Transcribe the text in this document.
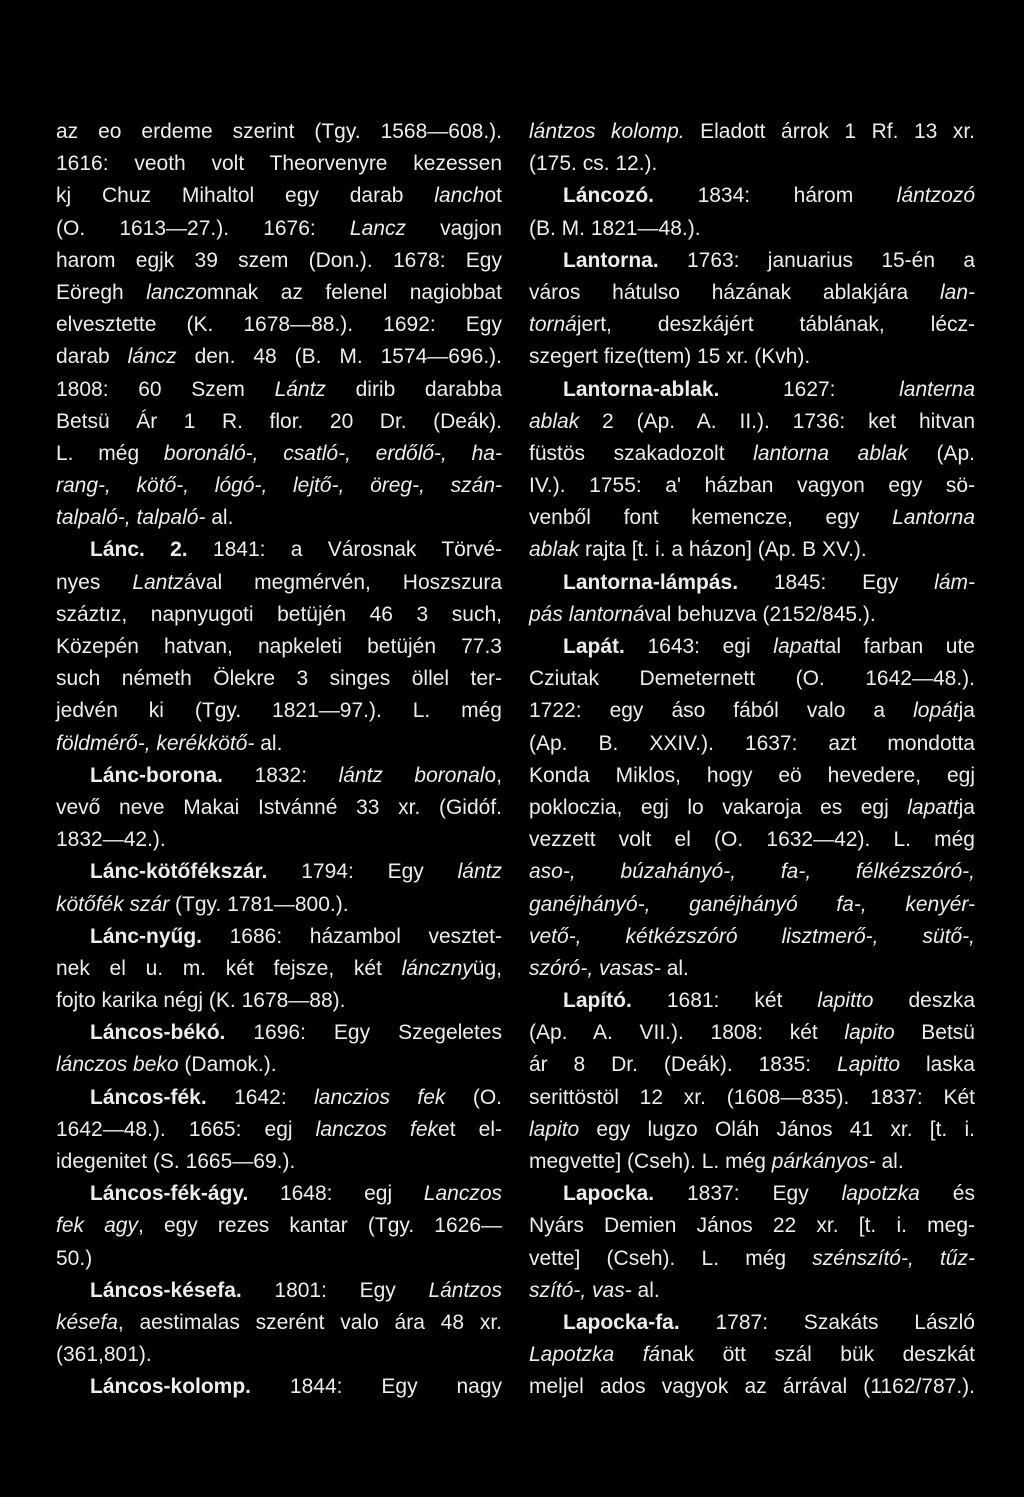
az eo erdeme szerint (Tgy. 1568—608.).
1616: veoth volt Theorvenyre kezessen
kj Chuz Mihaltol egy darab lanchot
(O. 1613—27.). 1676: Lancz vagjon
harom egjk 39 szem (Don.). 1678: Egy
Eöregh lanczomnak az felenel nagiobbat
elvesztette (K. 1678—88.). 1692: Egy
darab láncz den. 48 (B. M. 1574—696.).
1808: 60 Szem Lántz dirib darabba
Betsü Ár 1 R. flor. 20 Dr. (Deák).
L. még boronáló-, csatló-, erdőlő-, ha-
rang-, kötő-, lógó-, lejtő-, öreg-, szán-
talpaló-, talpaló- al.
Lánc. 2. 1841: a Városnak Törvé-
nyes Lantzával megmérvén, Hoszszura
száztız, napnyugoti betüjén 46 3 such,
Közepén hatvan, napkeleti betüjén 77.3
such németh Ölekre 3 singes öllel ter-
jedvén ki (Tgy. 1821—97.). L. még
földmérő-, kerékkötő- al.
Lánc-borona. 1832: lántz boronalo,
vevő neve Makai Istvánné 33 xr. (Gidóf.
1832—42.).
Lánc-kötőfékszár. 1794: Egy lántz
kötőfék szár (Tgy. 1781—800.).
Lánc-nyűg. 1686: házambol vesztet-
nek el u. m. két fejsze, két láncznyüg,
fojto karika négj (K. 1678—88).
Láncos-békó. 1696: Egy Szegeletes
lánczos beko (Damok.).
Láncos-fék. 1642: lanczios fek (O.
1642—48.). 1665: egj lanczos feket el-
idegenitet (S. 1665—69.).
Láncos-fék-ágy. 1648: egj Lanczos
fek agy, egy rezes kantar (Tgy. 1626—
50.)
Láncos-késefa. 1801: Egy Lántzos
késefa, aestimalas szerént valo ára 48 xr.
(361,801).
Láncos-kolomp. 1844: Egy nagy
lántzos kolomp. Eladott árrok 1 Rf. 13 xr.
(175. cs. 12.).
Láncozó. 1834: három lántzozó
(B. M. 1821—48.).
Lantorna. 1763: januarius 15-én a
város hátulso házának ablakjára lan-
tornájert, deszkájért táblának, lécz-
szegert fize(ttem) 15 xr. (Kvh).
Lantorna-ablak. 1627: lanterna
ablak 2 (Ap. A. II.). 1736: ket hitvan
füstös szakadozolt lantorna ablak (Ap.
IV.). 1755: a' házban vagyon egy sö-
venből font kemencze, egy Lantorna
ablak rajta [t. i. a házon] (Ap. B XV.).
Lantorna-lámpás. 1845: Egy lám-
pás lantornával behuzva (2152/845.).
Lapát. 1643: egi lapattal farban ute
Cziutak Demeternett (O. 1642—48.).
1722: egy áso fából valo a lopátja
(Ap. B. XXIV.). 1637: azt mondotta
Konda Miklos, hogy eö hevedere, egj
pokloczia, egj lo vakaroja es egj lapattja
vezzett volt el (O. 1632—42). L. még
aso-, búzahányó-, fa-, félkézszóró-,
ganéjhányó-, ganéjhányó fa-, kenyér-
vető-, kétkézszóró lisztmerő-, sütő-,
szóró-, vasas- al.
Lapító. 1681: két lapitto deszka
(Ap. A. VII.). 1808: két lapito Betsü
ár 8 Dr. (Deák). 1835: Lapitto laska
serittöstöl 12 xr. (1608—835). 1837: Két
lapito egy lugzo Oláh János 41 xr. [t. i.
megvette] (Cseh). L. még párkányos- al.
Lapocka. 1837: Egy lapotzka és
Nyárs Demien János 22 xr. [t. i. meg-
vette] (Cseh). L. még szénszító-, tűz-
szító-, vas- al.
Lapocka-fa. 1787: Szakáts László
Lapotzka fának ött szál bük deszkát
meljel ados vagyok az árrával (1162/787.).
